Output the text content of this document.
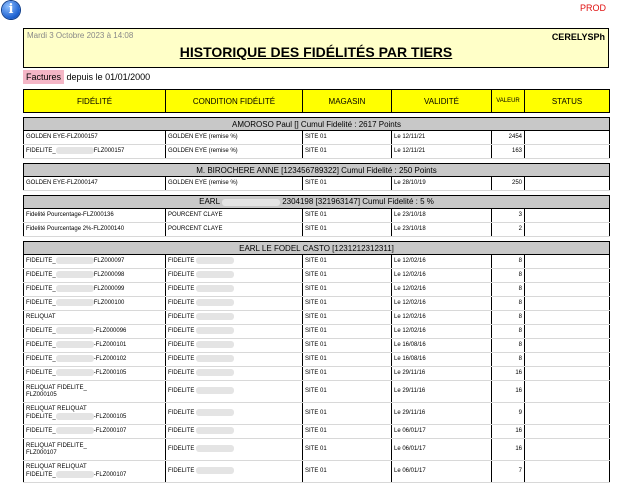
i	PROD
Mardi 3 Octobre 2023 à 14:08	CERELYSPh
HISTORIQUE DES FIDÉLITÉS PAR TIERS
Factures depuis le 01/01/2000
FIDÉLITÉ	CONDITION FIDÉLITÉ	MAGASIN	VALIDITÉ	VALEUR	STATUS

AMOROSO Paul [] Cumul Fidelité : 2617 Points					
GOLDEN EYE-FLZ000157	GOLDEN EYE (remise %)	SITE 01	Le 12/11/21	2454	
FIDELITE_ FLZ000157	GOLDEN EYE (remise %)	SITE 01	Le 12/11/21	163	

M. BIROCHERE ANNE [123456789322] Cumul Fidelité : 250 Points					
GOLDEN EYE-FLZ000147	GOLDEN EYE (remise %)	SITE 01	Le 28/10/19	250	

EARL 2304198 [321963147] Cumul Fidelité : 5 %					
Fidelité Pourcentage-FLZ000136	POURCENT CLAYE	SITE 01	Le 23/10/18	3	
Fidelité Pourcentage 2%-FLZ000140	POURCENT CLAYE	SITE 01	Le 23/10/18	2	

EARL LE FODEL CASTO [1231212312311]					
FIDELITE_ FLZ000097	FIDELITE	SITE 01	Le 12/02/16	8	
FIDELITE_ FLZ000098	FIDELITE	SITE 01	Le 12/02/16	8	
FIDELITE_ FLZ000099	FIDELITE	SITE 01	Le 12/02/16	8	
FIDELITE_ FLZ000100	FIDELITE	SITE 01	Le 12/02/16	8	
RELIQUAT	FIDELITE	SITE 01	Le 12/02/16	8	
FIDELITE_ -FLZ000096	FIDELITE	SITE 01	Le 12/02/16	8	
FIDELITE_ -FLZ000101	FIDELITE	SITE 01	Le 16/08/16	8	
FIDELITE_ -FLZ000102	FIDELITE	SITE 01	Le 16/08/16	8	
FIDELITE_ -FLZ000105	FIDELITE	SITE 01	Le 29/11/16	16	
RELIQUAT FIDELITE_
FLZ000105	FIDELITE	SITE 01	Le 29/11/16	16	
RELIQUAT RELIQUAT
FIDELITE_ -FLZ000105	FIDELITE	SITE 01	Le 29/11/16	9	
FIDELITE_ -FLZ000107	FIDELITE	SITE 01	Le 06/01/17	16	
RELIQUAT FIDELITE_
FLZ000107	FIDELITE	SITE 01	Le 06/01/17	16	
RELIQUAT RELIQUAT
FIDELITE_ -FLZ000107	FIDELITE	SITE 01	Le 06/01/17	7	
